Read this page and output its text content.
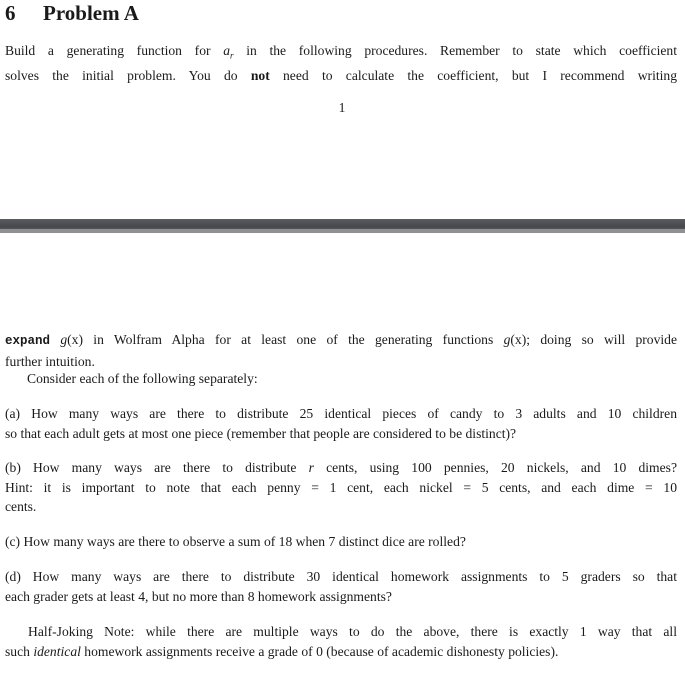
6 Problem A
Build a generating function for $a_r$ in the following procedures. Remember to state which coefficient
solves the initial problem. You do not need to calculate the coefficient, but I recommend writing
1
expand g(x) in Wolfram Alpha for at least one of the generating functions g(x); doing so will provide
further intuition.
Consider each of the following separately:
(a) How many ways are there to distribute 25 identical pieces of candy to 3 adults and 10 children
so that each adult gets at most one piece (remember that people are considered to be distinct)?
(b) How many ways are there to distribute r cents, using 100 pennies, 20 nickels, and 10 dimes?
Hint: it is important to note that each penny = 1 cent, each nickel = 5 cents, and each dime = 10
cents.
(c) How many ways are there to observe a sum of 18 when 7 distinct dice are rolled?
(d) How many ways are there to distribute 30 identical homework assignments to 5 graders so that
each grader gets at least 4, but no more than 8 homework assignments?
Half-Joking Note: while there are multiple ways to do the above, there is exactly 1 way that all
such identical homework assignments receive a grade of 0 (because of academic dishonesty policies).
